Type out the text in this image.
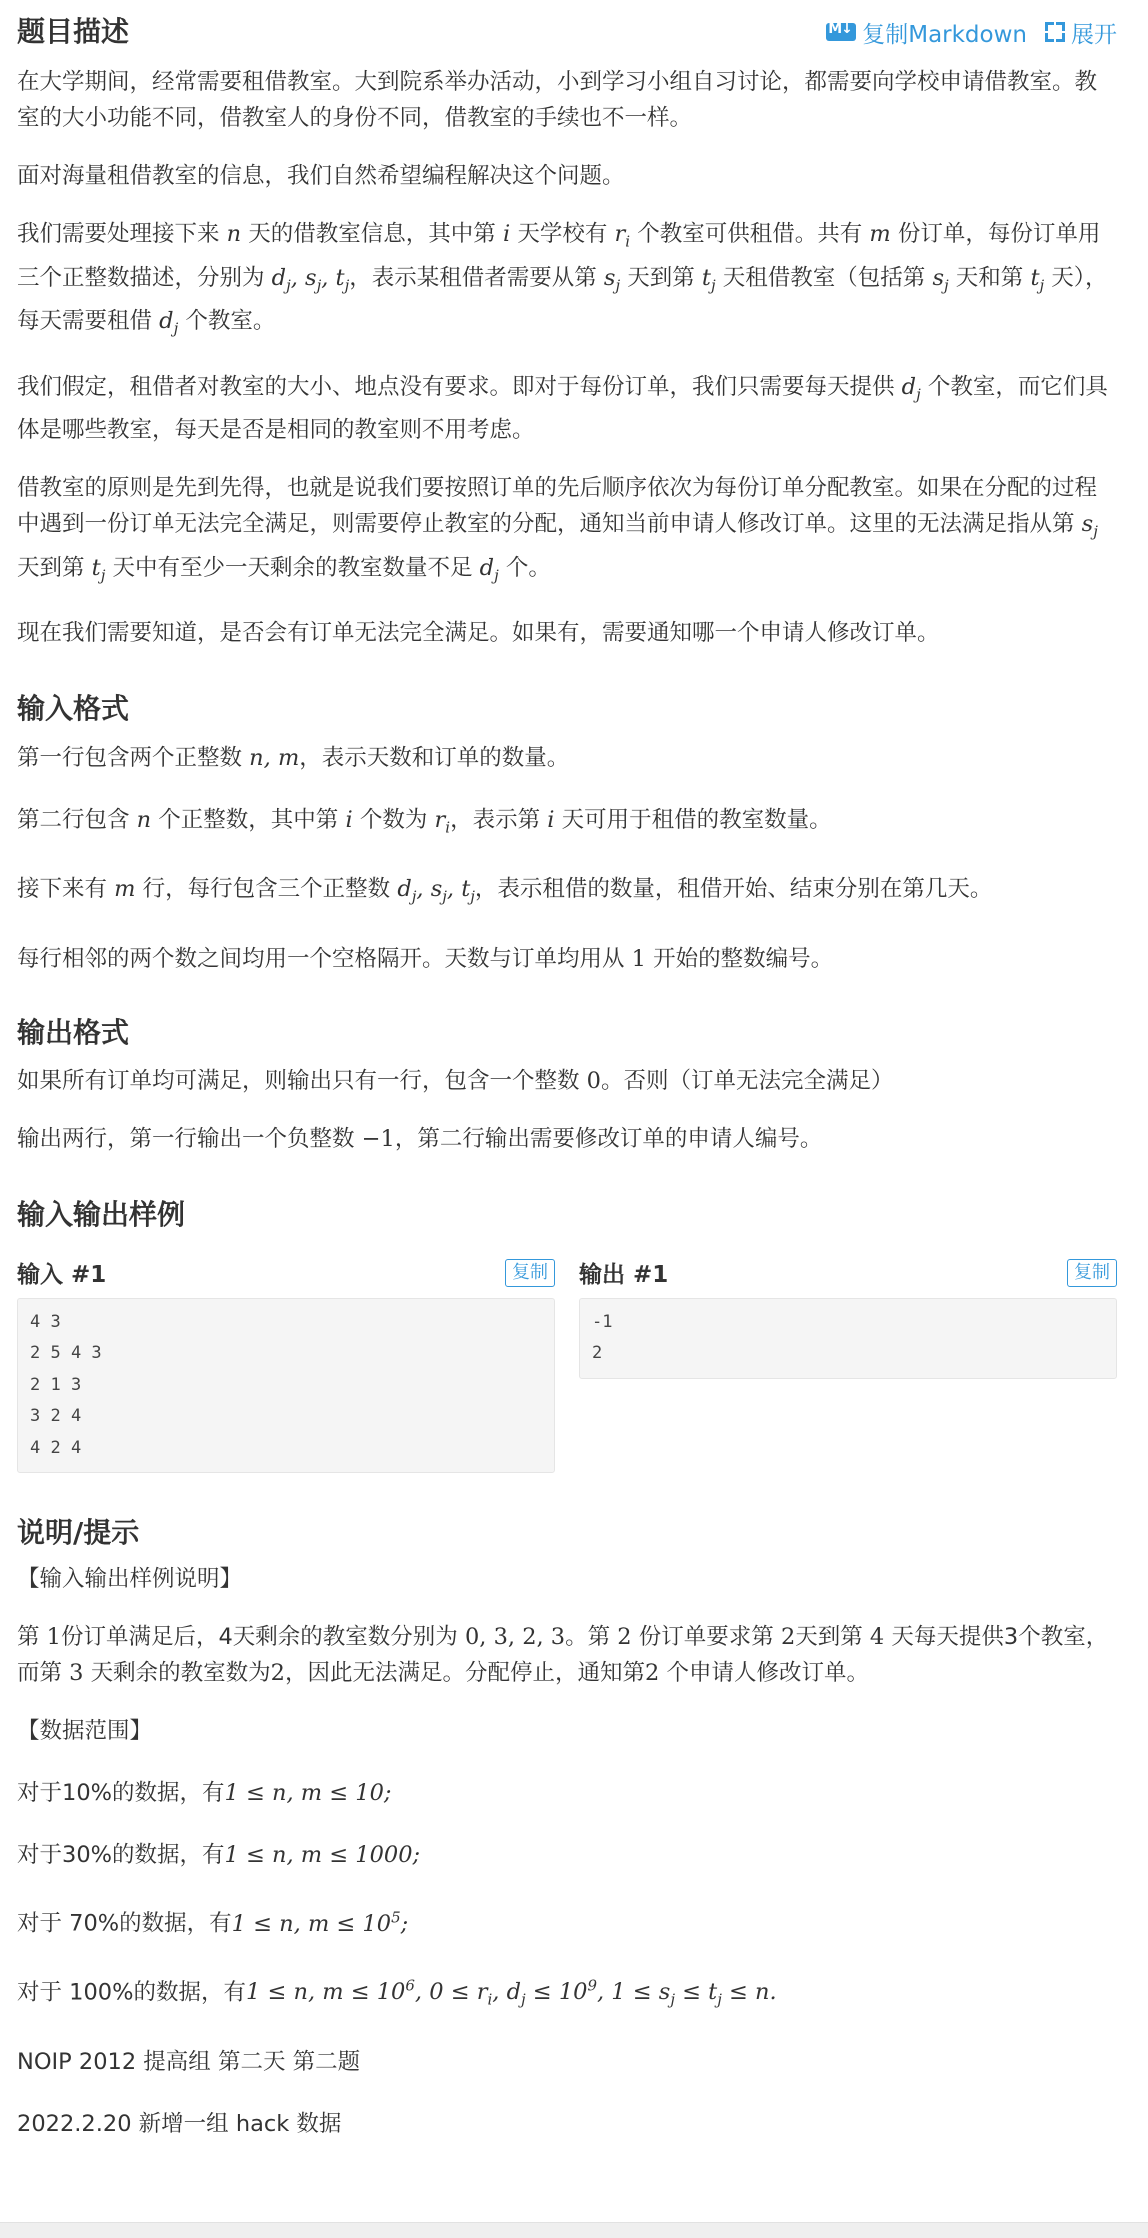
题目描述
M↓	复制Markdown 展开

在大学期间，经常需要租借教室。大到院系举办活动，小到学习小组自习讨论，都需要向学校申请借教室。教室的大小功能不同，借教室人的身份不同，借教室的手续也不一样。

面对海量租借教室的信息，我们自然希望编程解决这个问题。

我们需要处理接下来 n 天的借教室信息，其中第 i 天学校有 $r_i$ 个教室可供租借。共有 m 份订单，每份订单用三个正整数描述，分别为 $d_j$, $s_j$, $t_j$，表示某租借者需要从第 $s_j$ 天到第 $t_j$ 天租借教室（包括第 $s_j$ 天和第 $t_j$ 天），每天需要租借 $d_j$ 个教室。

我们假定，租借者对教室的大小、地点没有要求。即对于每份订单，我们只需要每天提供 $d_j$ 个教室，而它们具体是哪些教室，每天是否是相同的教室则不用考虑。

借教室的原则是先到先得，也就是说我们要按照订单的先后顺序依次为每份订单分配教室。如果在分配的过程中遇到一份订单无法完全满足，则需要停止教室的分配，通知当前申请人修改订单。这里的无法满足指从第 $s_j$ 天到第 $t_j$ 天中有至少一天剩余的教室数量不足 $d_j$ 个。

现在我们需要知道，是否会有订单无法完全满足。如果有，需要通知哪一个申请人修改订单。

输入格式

第一行包含两个正整数 n, m，表示天数和订单的数量。

第二行包含 n 个正整数，其中第 i 个数为 $r_i$，表示第 i 天可用于租借的教室数量。

接下来有 m 行，每行包含三个正整数 $d_j$, $s_j$, $t_j$，表示租借的数量，租借开始、结束分别在第几天。

每行相邻的两个数之间均用一个空格隔开。天数与订单均用从 1 开始的整数编号。

输出格式

如果所有订单均可满足，则输出只有一行，包含一个整数 0。否则（订单无法完全满足）

输出两行，第一行输出一个负整数 −1，第二行输出需要修改订单的申请人编号。

输入输出样例
输入 #1	复制
4 3
2 5 4 3
2 1 3
3 2 4
4 2 4
输出 #1	复制
-1
2
说明/提示

【输入输出样例说明】

第 1份订单满足后，4天剩余的教室数分别为 0, 3, 2, 3。第 2 份订单要求第 2天到第 4 天每天提供3个教室，而第 3 天剩余的教室数为2，因此无法满足。分配停止，通知第2 个申请人修改订单。

【数据范围】

对于10%的数据，有1 ≤ n, m ≤ 10;

对于30%的数据，有1 ≤ n, m ≤ 1000;

对于 70%的数据，有1 ≤ n, $m \le 10^5$;

对于 100%的数据，有1 ≤ n, $m \le 10^6$, $0 \le r_i$, $d_j \le 10^9$, $1 \le s_j \le t_j \le n$.

NOIP 2012 提高组 第二天 第二题

2022.2.20 新增一组 hack 数据
